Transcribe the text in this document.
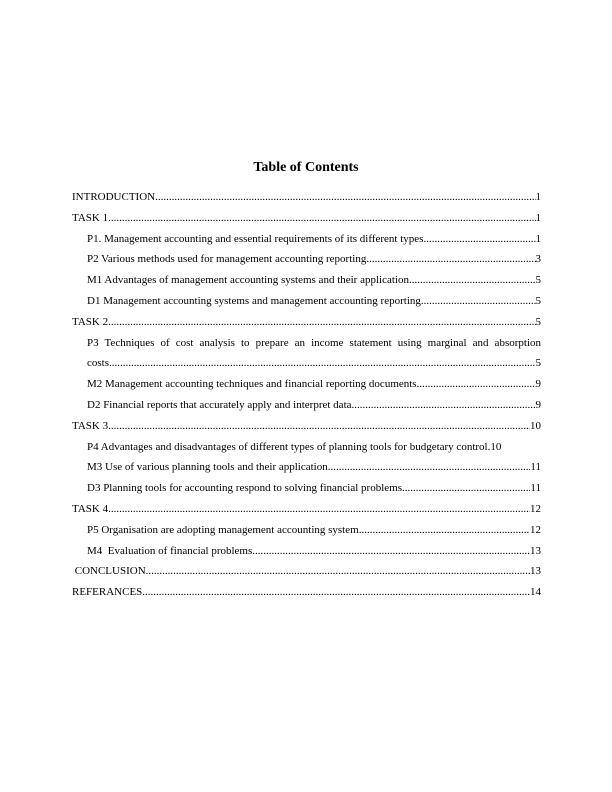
Table of Contents
INTRODUCTION .....	1
TASK 1 .....	1
P1. Management accounting and essential requirements of its different types .....	1
P2 Various methods used for management accounting reporting .....	3
M1 Advantages of management accounting systems and their application .....	5
D1 Management accounting systems and management accounting reporting .....	5
TASK 2 .....	5
P3 Techniques of cost analysis to prepare an income statement using marginal and absorption
costs .....	5
M2 Management accounting techniques and financial reporting documents .....	9
D2 Financial reports that accurately apply and interpret data .....	9
TASK 3 .....	10
P4 Advantages and disadvantages of different types of planning tools for budgetary control. 10
M3 Use of various planning tools and their application .....	11
D3 Planning tools for accounting respond to solving financial problems .....	11
TASK 4 .....	12
P5 Organisation are adopting management accounting system .....	12
M4  Evaluation of financial problems .....	13
CONCLUSION .....	13
REFERANCES .....	14
